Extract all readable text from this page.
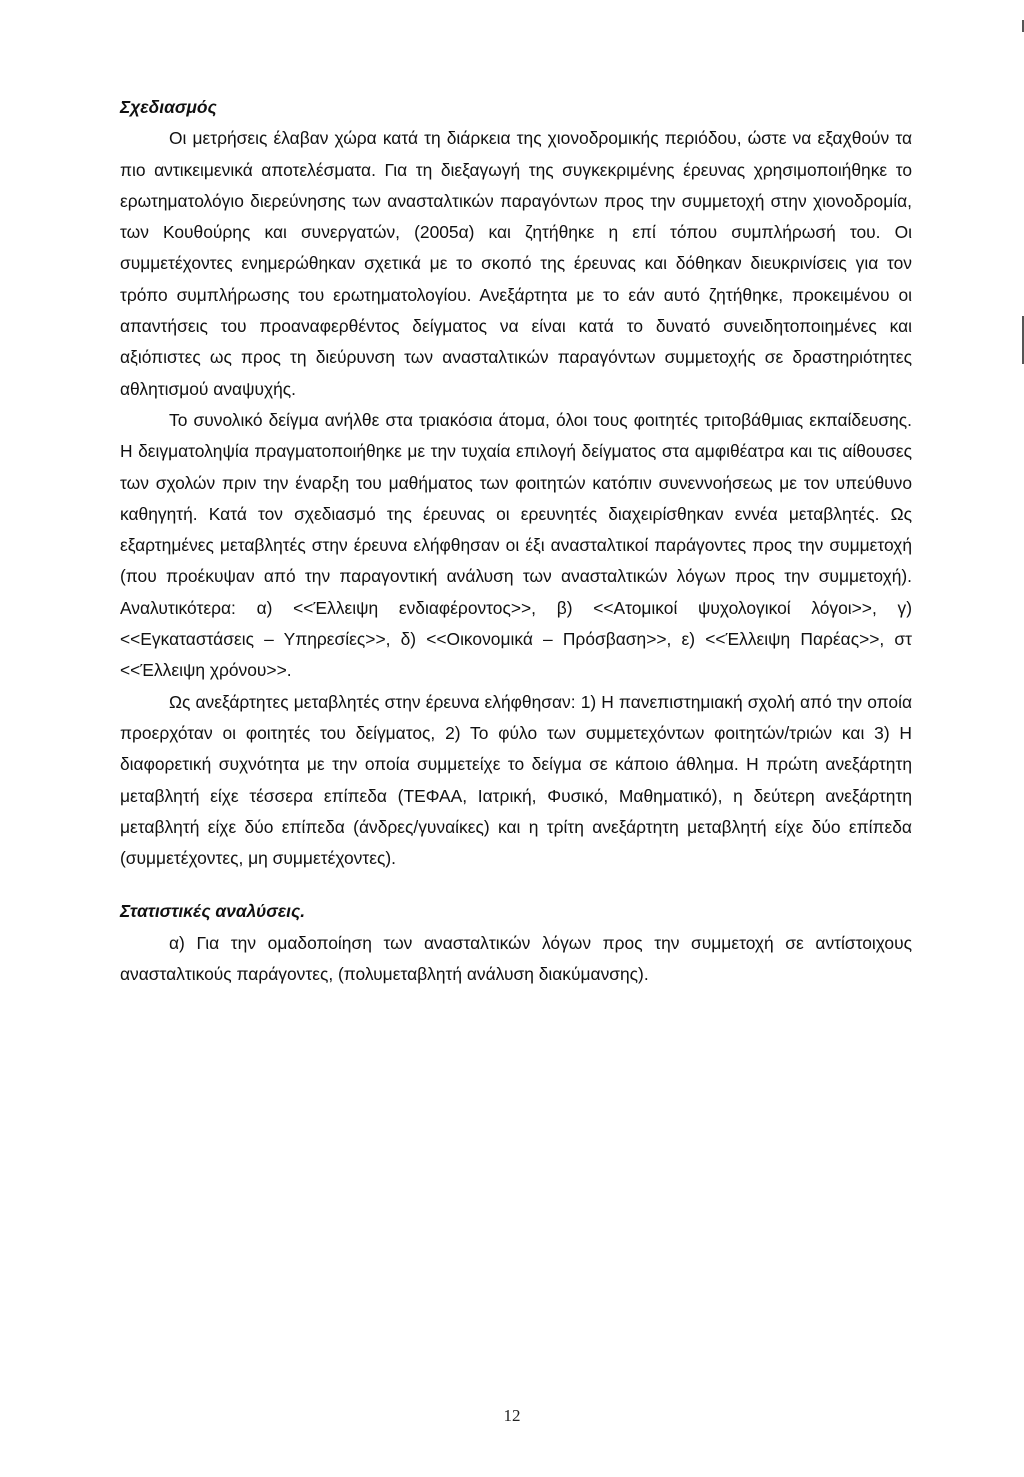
Σχεδιασμός

Οι μετρήσεις έλαβαν χώρα κατά τη διάρκεια της χιονοδρομικής περιόδου, ώστε να εξαχθούν τα πιο αντικειμενικά αποτελέσματα. Για τη διεξαγωγή της συγκεκριμένης έρευνας χρησιμοποιήθηκε το ερωτηματολόγιο διερεύνησης των ανασταλτικών παραγόντων προς την συμμετοχή στην χιονοδρομία, των Κουθούρης και συνεργατών, (2005α) και ζητήθηκε η επί τόπου συμπλήρωσή του. Οι συμμετέχοντες ενημερώθηκαν σχετικά με το σκοπό της έρευνας και δόθηκαν διευκρινίσεις για τον τρόπο συμπλήρωσης του ερωτηματολογίου. Ανεξάρτητα με το εάν αυτό ζητήθηκε, προκειμένου οι απαντήσεις του προαναφερθέντος δείγματος να είναι κατά το δυνατό συνειδητοποιημένες και αξιόπιστες ως προς τη διεύρυνση των ανασταλτικών παραγόντων συμμετοχής σε δραστηριότητες αθλητισμού αναψυχής.

Το συνολικό δείγμα ανήλθε στα τριακόσια άτομα, όλοι τους φοιτητές τριτοβάθμιας εκπαίδευσης. Η δειγματοληψία πραγματοποιήθηκε με την τυχαία επιλογή δείγματος στα αμφιθέατρα και τις αίθουσες των σχολών πριν την έναρξη του μαθήματος των φοιτητών κατόπιν συνεννοήσεως με τον υπεύθυνο καθηγητή. Κατά τον σχεδιασμό της έρευνας οι ερευνητές διαχειρίσθηκαν εννέα μεταβλητές. Ως εξαρτημένες μεταβλητές στην έρευνα ελήφθησαν οι έξι ανασταλτικοί παράγοντες προς την συμμετοχή (που προέκυψαν από την παραγοντική ανάλυση των ανασταλτικών λόγων προς την συμμετοχή). Αναλυτικότερα: α) <<Έλλειψη ενδιαφέροντος>>, β) <<Ατομικοί ψυχολογικοί λόγοι>>, γ) <<Εγκαταστάσεις – Υπηρεσίες>>, δ) <<Οικονομικά – Πρόσβαση>>, ε) <<Έλλειψη Παρέας>>, στ <<Έλλειψη χρόνου>>.

Ως ανεξάρτητες μεταβλητές στην έρευνα ελήφθησαν: 1) Η πανεπιστημιακή σχολή από την οποία προερχόταν οι φοιτητές του δείγματος, 2) Το φύλο των συμμετεχόντων φοιτητών/τριών και 3) Η διαφορετική συχνότητα με την οποία συμμετείχε το δείγμα σε κάποιο άθλημα. Η πρώτη ανεξάρτητη μεταβλητή είχε τέσσερα επίπεδα (ΤΕΦΑΑ, Ιατρική, Φυσικό, Μαθηματικό), η δεύτερη ανεξάρτητη μεταβλητή είχε δύο επίπεδα (άνδρες/γυναίκες) και η τρίτη ανεξάρτητη μεταβλητή είχε δύο επίπεδα (συμμετέχοντες, μη συμμετέχοντες).

Στατιστικές αναλύσεις.

α) Για την ομαδοποίηση των ανασταλτικών λόγων προς την συμμετοχή σε αντίστοιχους ανασταλτικούς παράγοντες, (πολυμεταβλητή ανάλυση διακύμανσης).

12
